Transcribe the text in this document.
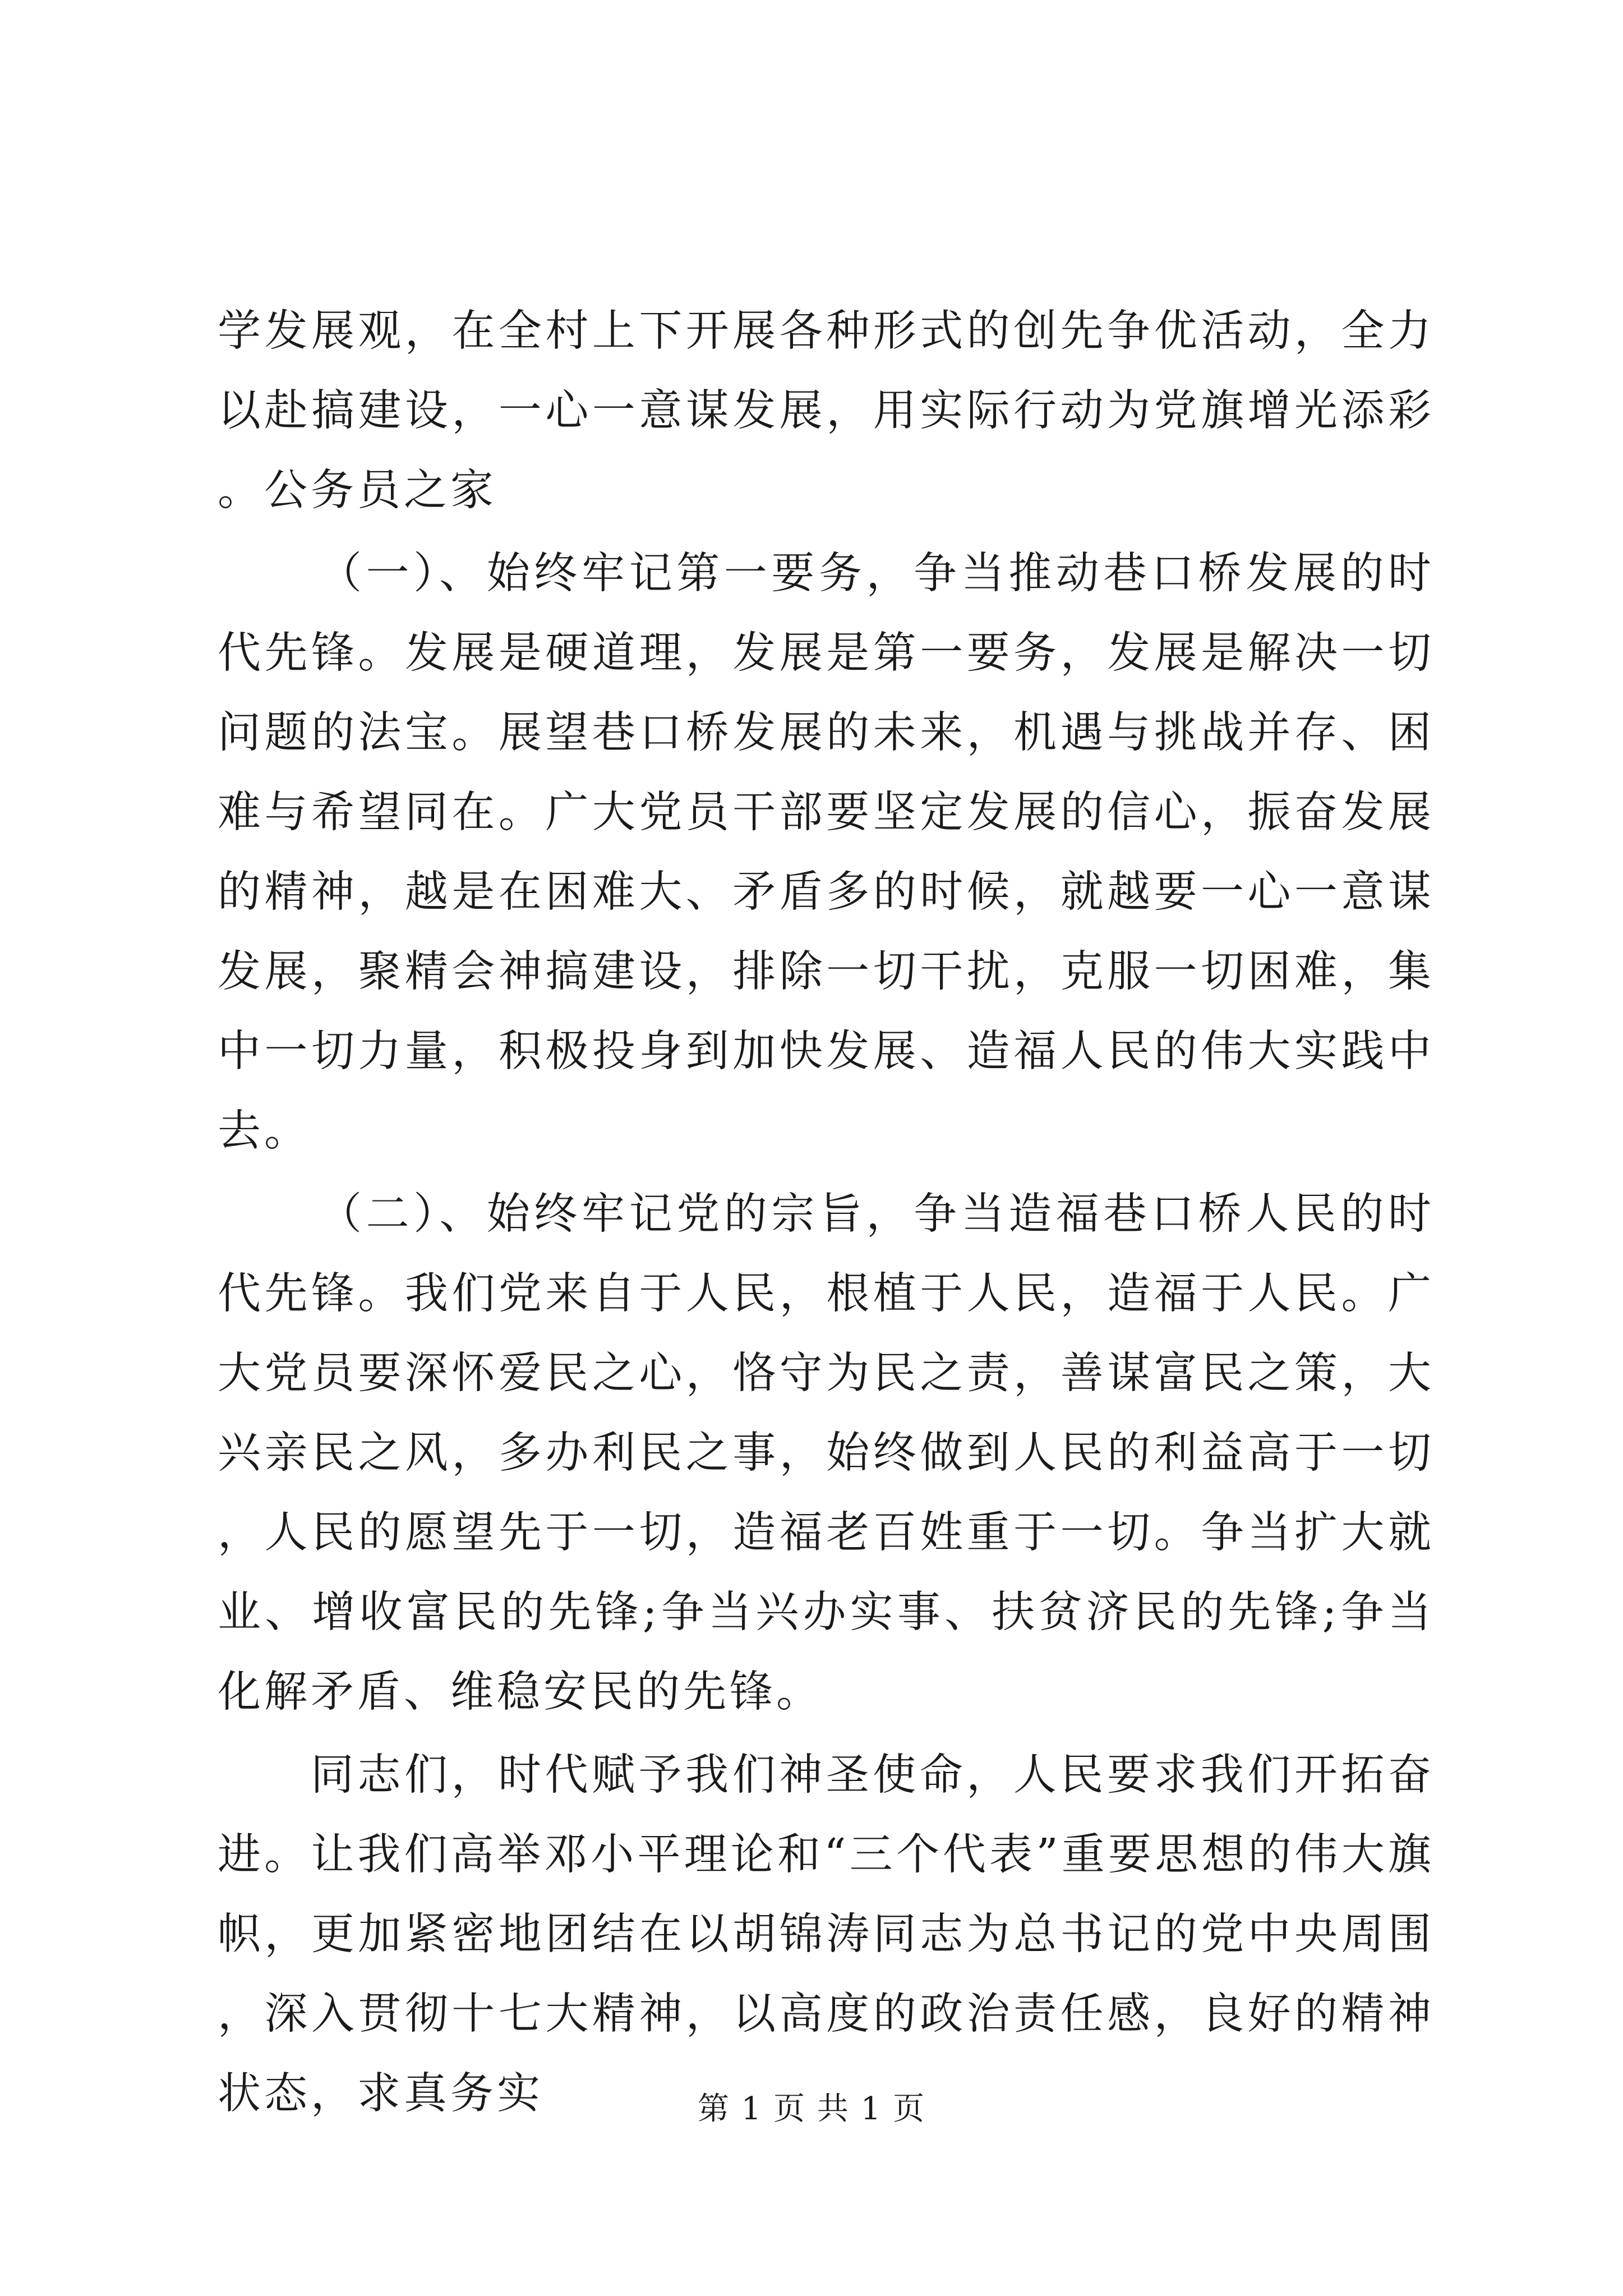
学发展观，在全村上下开展各种形式的创先争优活动，全力以赴搞建设，一心一意谋发展，用实际行动为党旗增光添彩。公务员之家

（一）、始终牢记第一要务，争当推动巷口桥发展的时代先锋。发展是硬道理，发展是第一要务，发展是解决一切问题的法宝。展望巷口桥发展的未来，机遇与挑战并存、困难与希望同在。广大党员干部要坚定发展的信心，振奋发展的精神，越是在困难大、矛盾多的时候，就越要一心一意谋发展，聚精会神搞建设，排除一切干扰，克服一切困难，集中一切力量，积极投身到加快发展、造福人民的伟大实践中去。

（二）、始终牢记党的宗旨，争当造福巷口桥人民的时代先锋。我们党来自于人民，根植于人民，造福于人民。广大党员要深怀爱民之心，恪守为民之责，善谋富民之策，大兴亲民之风，多办利民之事，始终做到人民的利益高于一切，人民的愿望先于一切，造福老百姓重于一切。争当扩大就业、增收富民的先锋;争当兴办实事、扶贫济民的先锋;争当化解矛盾、维稳安民的先锋。

同志们，时代赋予我们神圣使命，人民要求我们开拓奋进。让我们高举邓小平理论和“三个代表”重要思想的伟大旗帜，更加紧密地团结在以胡锦涛同志为总书记的党中央周围，深入贯彻十七大精神，以高度的政治责任感，良好的精神状态，求真务实	第 1 页 共 1 页
